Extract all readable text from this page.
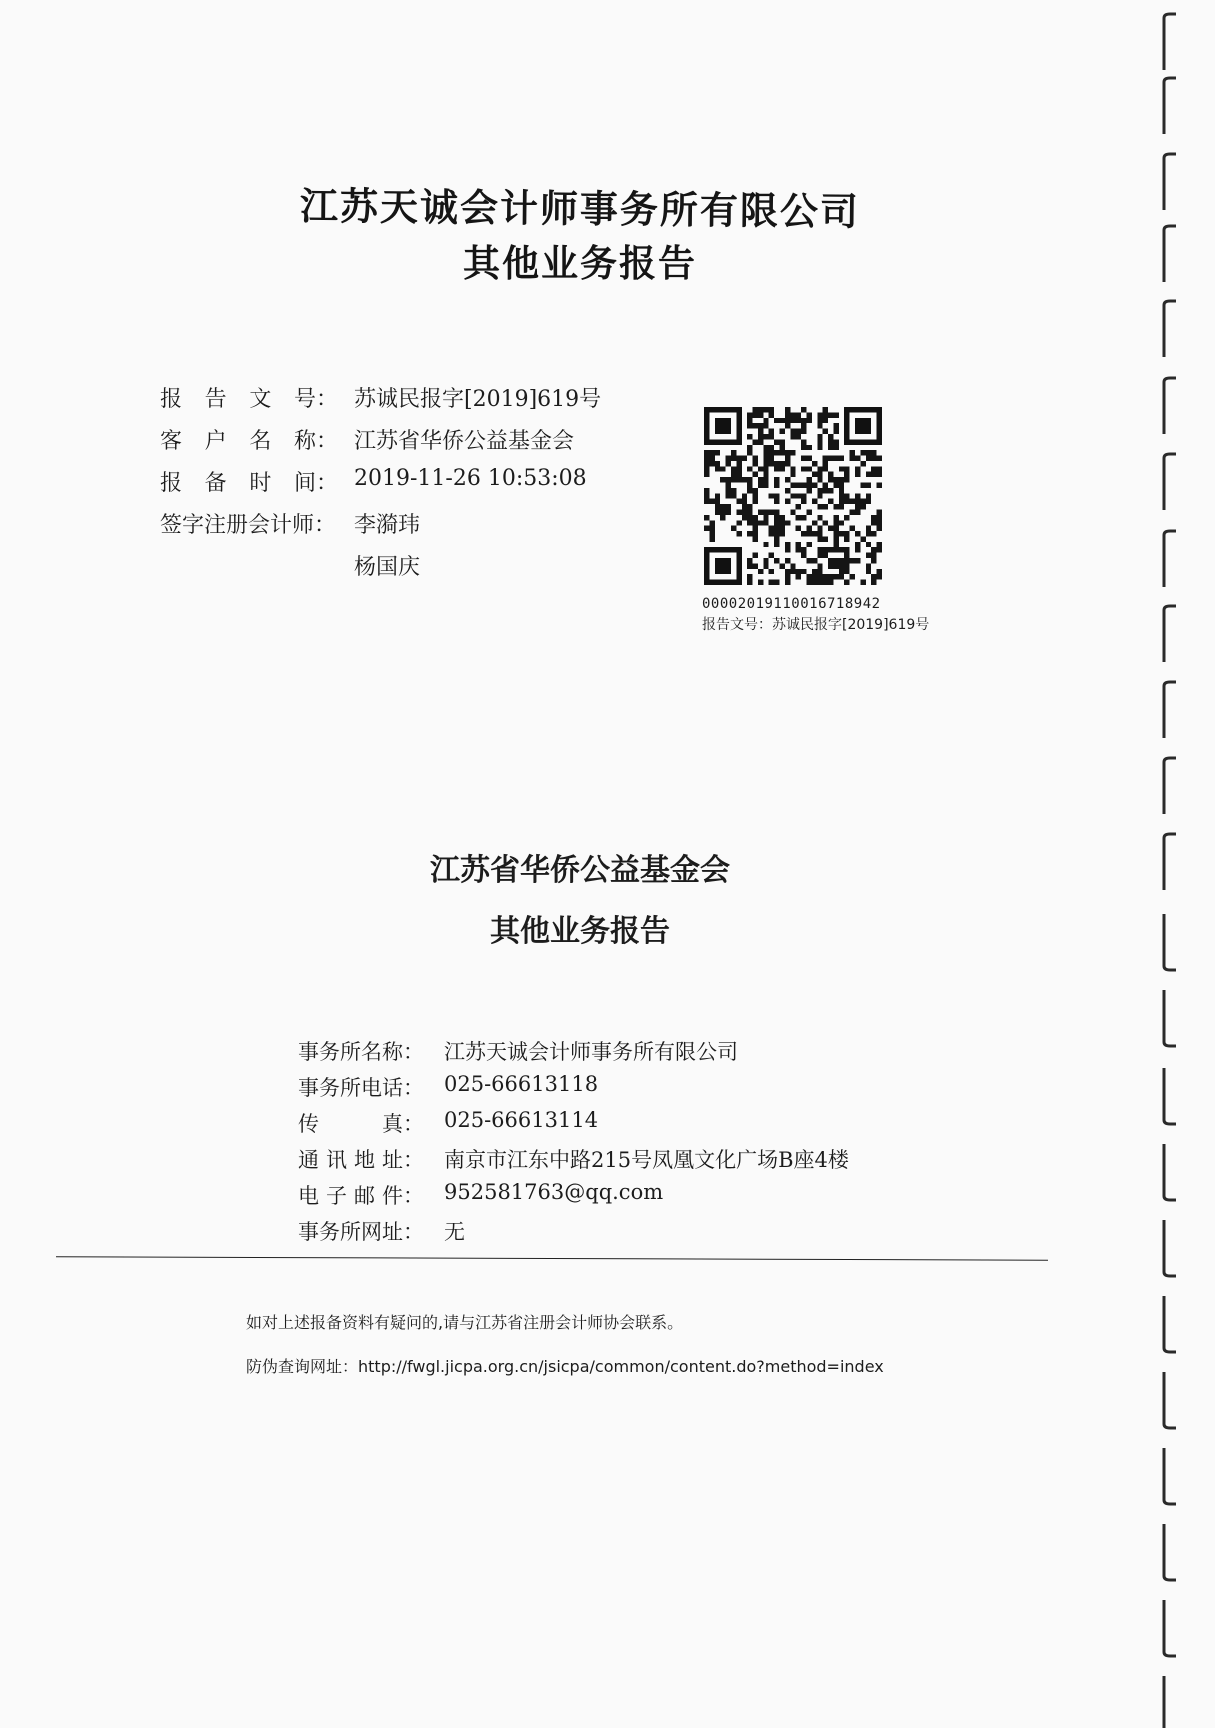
江苏天诚会计师事务所有限公司
其他业务报告
报 告 文 号： 苏诚民报字[2019]619号
客 户 名 称： 江苏省华侨公益基金会
报 备 时 间： 2019-11-26 10:53:08
签字注册会计师： 李漪玮
杨国庆
000020191100167189​42
报告文号：苏诚民报字[2019]619号
江苏省华侨公益基金会
其他业务报告
事务所名称： 江苏天诚会计师事务所有限公司
事务所电话： 025-66613118
传	真： 025-66613114
通 讯 地 址： 南京市江东中路215号凤凰文化广场B座4楼
电 子 邮 件： 952581763@qq.com
事务所网址： 无
如对上述报备资料有疑问的,请与江苏省注册会计师协会联系。
防伪查询网址：http://fwgl.jicpa.org.cn/jsicpa/common/content.do?method=index
